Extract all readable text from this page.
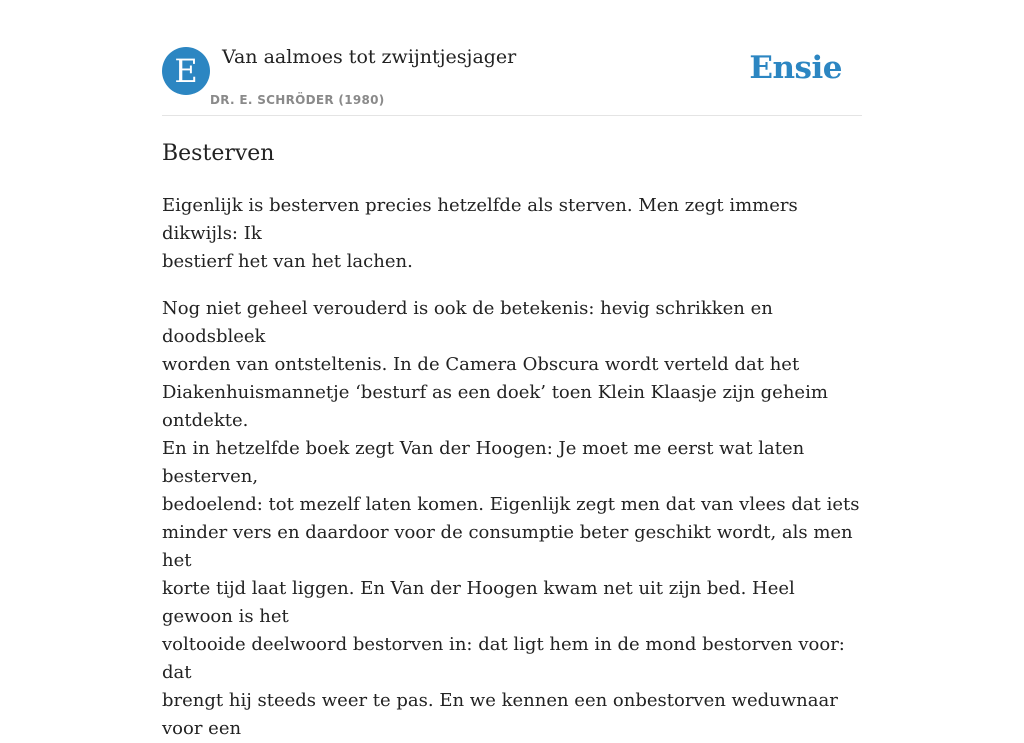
E	Van aalmoes tot zwijntjesjager
DR. E. SCHRÖDER (1980)
Ensie
Besterven

Eigenlijk is besterven precies hetzelfde als sterven. Men zegt immers dikwijls: Ik
bestierf het van het lachen.

Nog niet geheel verouderd is ook de betekenis: hevig schrikken en doodsbleek
worden van ontsteltenis. In de Camera Obscura wordt verteld dat het
Diakenhuismannetje ‘besturf as een doek’ toen Klein Klaasje zijn geheim ontdekte.
En in hetzelfde boek zegt Van der Hoogen: Je moet me eerst wat laten besterven,
bedoelend: tot mezelf laten komen. Eigenlijk zegt men dat van vlees dat iets
minder vers en daardoor voor de consumptie beter geschikt wordt, als men het
korte tijd laat liggen. En Van der Hoogen kwam net uit zijn bed. Heel gewoon is het
voltooide deelwoord bestorven in: dat ligt hem in de mond bestorven voor: dat
brengt hij steeds weer te pas. En we kennen een onbestorven weduwnaar voor een
